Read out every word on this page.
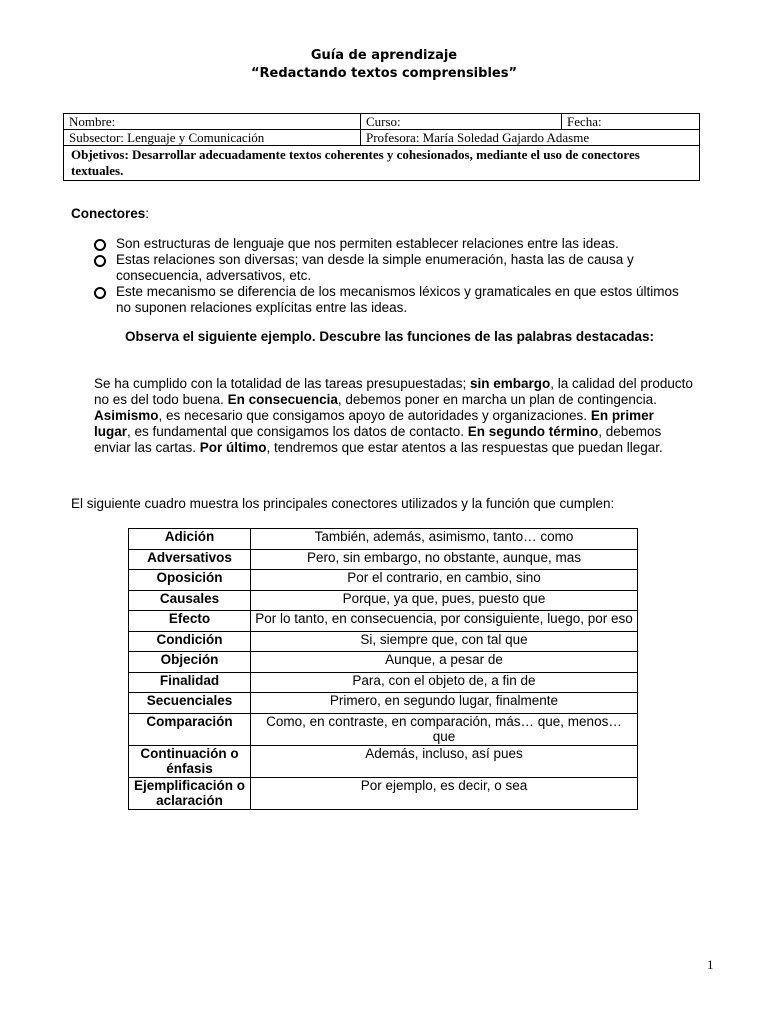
Guía de aprendizaje
“Redactando textos comprensibles”
Nombre:	Curso:	Fecha:
Subsector: Lenguaje y Comunicación	Profesora: María Soledad Gajardo Adasme	
Objetivos: Desarrollar adecuadamente textos coherentes y cohesionados, mediante el uso de conectores textuales.		
Conectores:
Son estructuras de lenguaje que nos permiten establecer relaciones entre las ideas.
Estas relaciones son diversas; van desde la simple enumeración, hasta las de causa y consecuencia, adversativos, etc.
Este mecanismo se diferencia de los mecanismos léxicos y gramaticales en que estos últimos no suponen relaciones explícitas entre las ideas.
Observa el siguiente ejemplo. Descubre las funciones de las palabras destacadas:
Se ha cumplido con la totalidad de las tareas presupuestadas; sin embargo, la calidad del producto no es del todo buena. En consecuencia, debemos poner en marcha un plan de contingencia.
Asimismo, es necesario que consigamos apoyo de autoridades y organizaciones. En primer lugar, es fundamental que consigamos los datos de contacto. En segundo término, debemos enviar las cartas. Por último, tendremos que estar atentos a las respuestas que puedan llegar.
El siguiente cuadro muestra los principales conectores utilizados y la función que cumplen:
Adición	También, además, asimismo, tanto… como
Adversativos	Pero, sin embargo, no obstante, aunque, mas
Oposición	Por el contrario, en cambio, sino
Causales	Porque, ya que, pues, puesto que
Efecto	Por lo tanto, en consecuencia, por consiguiente, luego, por eso
Condición	Si, siempre que, con tal que
Objeción	Aunque, a pesar de
Finalidad	Para, con el objeto de, a fin de
Secuenciales	Primero, en segundo lugar, finalmente
Comparación	Como, en contraste, en comparación, más… que, menos… que
Continuación o énfasis	Además, incluso, así pues
Ejemplificación o aclaración	Por ejemplo, es decir, o sea
1
